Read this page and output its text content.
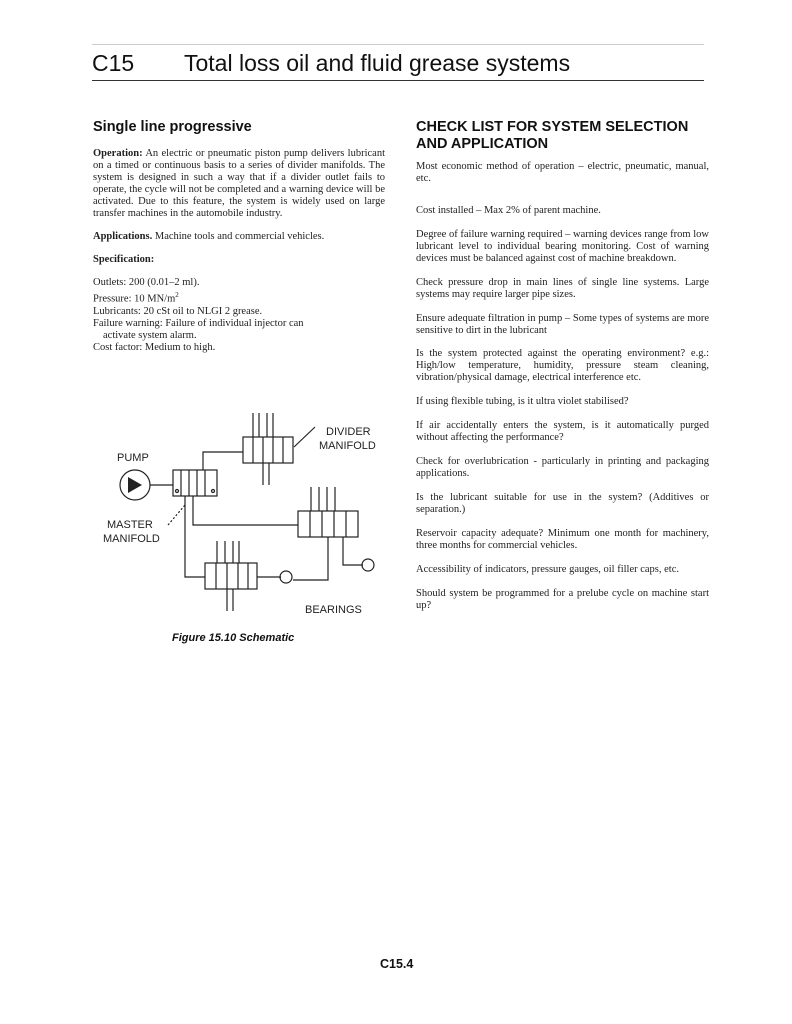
C15 Total loss oil and fluid grease systems
Single line progressive

Operation: An electric or pneumatic piston pump delivers lubricant on a timed or continuous basis to a series of divider manifolds. The system is designed in such a way that if a divider outlet fails to operate, the cycle will not be completed and a warning device will be activated. Due to this feature, the system is widely used on large transfer machines in the automobile industry.

Applications. Machine tools and commercial vehicles.

Specification:

Outlets: 200 (0.01–2 ml).
Pressure: 10 $MN/m^2$
Lubricants: 20 cSt oil to NLGI 2 grease.
Failure warning: Failure of individual injector can
activate system alarm.
Cost factor: Medium to high.
DIVIDER
MANIFOLD
PUMP
MASTER
MANIFOLD
BEARINGS
Figure 15.10 Schematic
CHECK LIST FOR SYSTEM SELECTION AND APPLICATION

Most economic method of operation – electric, pneumatic, manual, etc.

Cost installed – Max 2% of parent machine.

Degree of failure warning required – warning devices range from low lubricant level to individual bearing monitoring. Cost of warning devices must be balanced against cost of machine breakdown.

Check pressure drop in main lines of single line systems. Large systems may require larger pipe sizes.

Ensure adequate filtration in pump – Some types of systems are more sensitive to dirt in the lubricant

Is the system protected against the operating environment? e.g.: High/low temperature, humidity, pressure steam cleaning, vibration/physical damage, electrical interference etc.

If using flexible tubing, is it ultra violet stabilised?

If air accidentally enters the system, is it automatically purged without affecting the performance?

Check for overlubrication - particularly in printing and packaging applications.

Is the lubricant suitable for use in the system? (Additives or separation.)

Reservoir capacity adequate? Minimum one month for machinery, three months for commercial vehicles.

Accessibility of indicators, pressure gauges, oil filler caps, etc.

Should system be programmed for a prelube cycle on machine start up?

C15.4
